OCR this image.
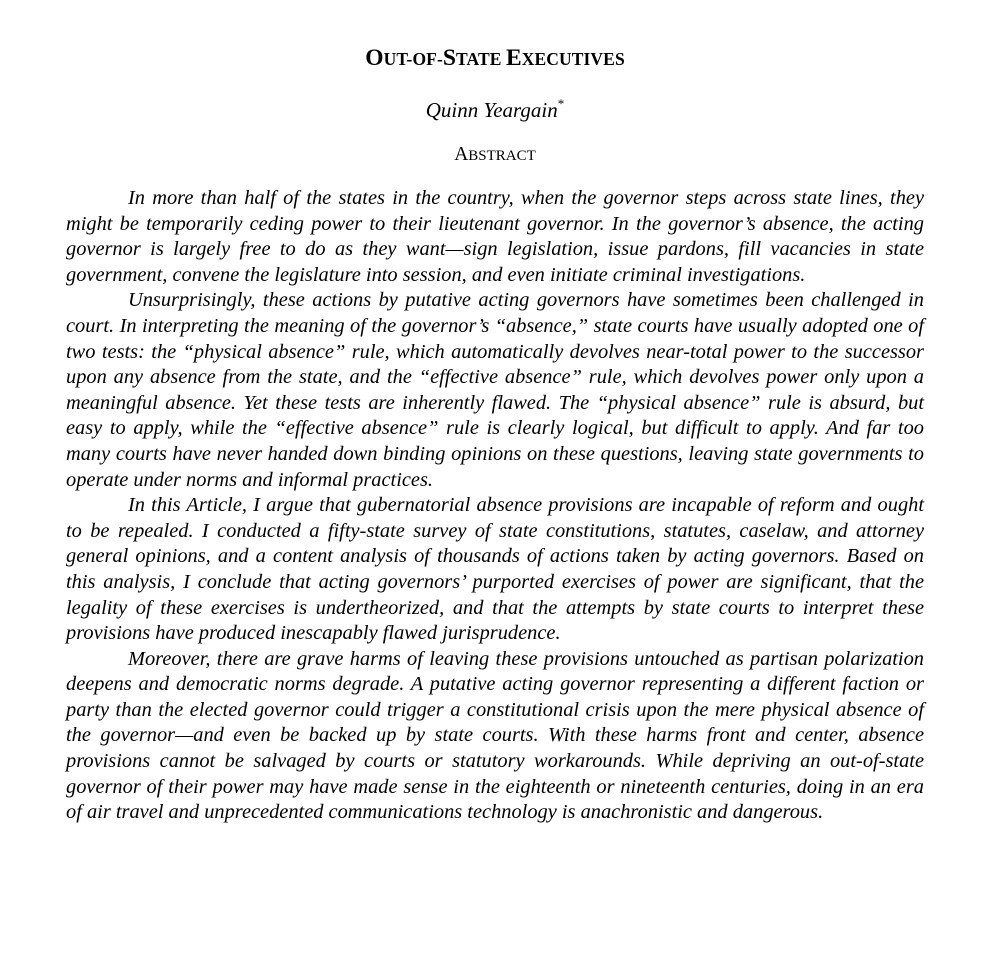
OUT-OF-STATE EXECUTIVES
Quinn Yeargain*
ABSTRACT

In more than half of the states in the country, when the governor steps across state lines, they might be temporarily ceding power to their lieutenant governor. In the governor’s absence, the acting governor is largely free to do as they want—sign legislation, issue pardons, fill vacancies in state government, convene the legislature into session, and even initiate criminal investigations.

Unsurprisingly, these actions by putative acting governors have sometimes been challenged in court. In interpreting the meaning of the governor’s “absence,” state courts have usually adopted one of two tests: the “physical absence” rule, which automatically devolves near-total power to the successor upon any absence from the state, and the “effective absence” rule, which devolves power only upon a meaningful absence. Yet these tests are inherently flawed. The “physical absence” rule is absurd, but easy to apply, while the “effective absence” rule is clearly logical, but difficult to apply. And far too many courts have never handed down binding opinions on these questions, leaving state governments to operate under norms and informal practices.

In this Article, I argue that gubernatorial absence provisions are incapable of reform and ought to be repealed. I conducted a fifty-state survey of state constitutions, statutes, caselaw, and attorney general opinions, and a content analysis of thousands of actions taken by acting governors. Based on this analysis, I conclude that acting governors’ purported exercises of power are significant, that the legality of these exercises is undertheorized, and that the attempts by state courts to interpret these provisions have produced inescapably flawed jurisprudence.

Moreover, there are grave harms of leaving these provisions untouched as partisan polarization deepens and democratic norms degrade. A putative acting governor representing a different faction or party than the elected governor could trigger a constitutional crisis upon the mere physical absence of the governor—and even be backed up by state courts. With these harms front and center, absence provisions cannot be salvaged by courts or statutory workarounds. While depriving an out-of-state governor of their power may have made sense in the eighteenth or nineteenth centuries, doing in an era of air travel and unprecedented communications technology is anachronistic and dangerous.
